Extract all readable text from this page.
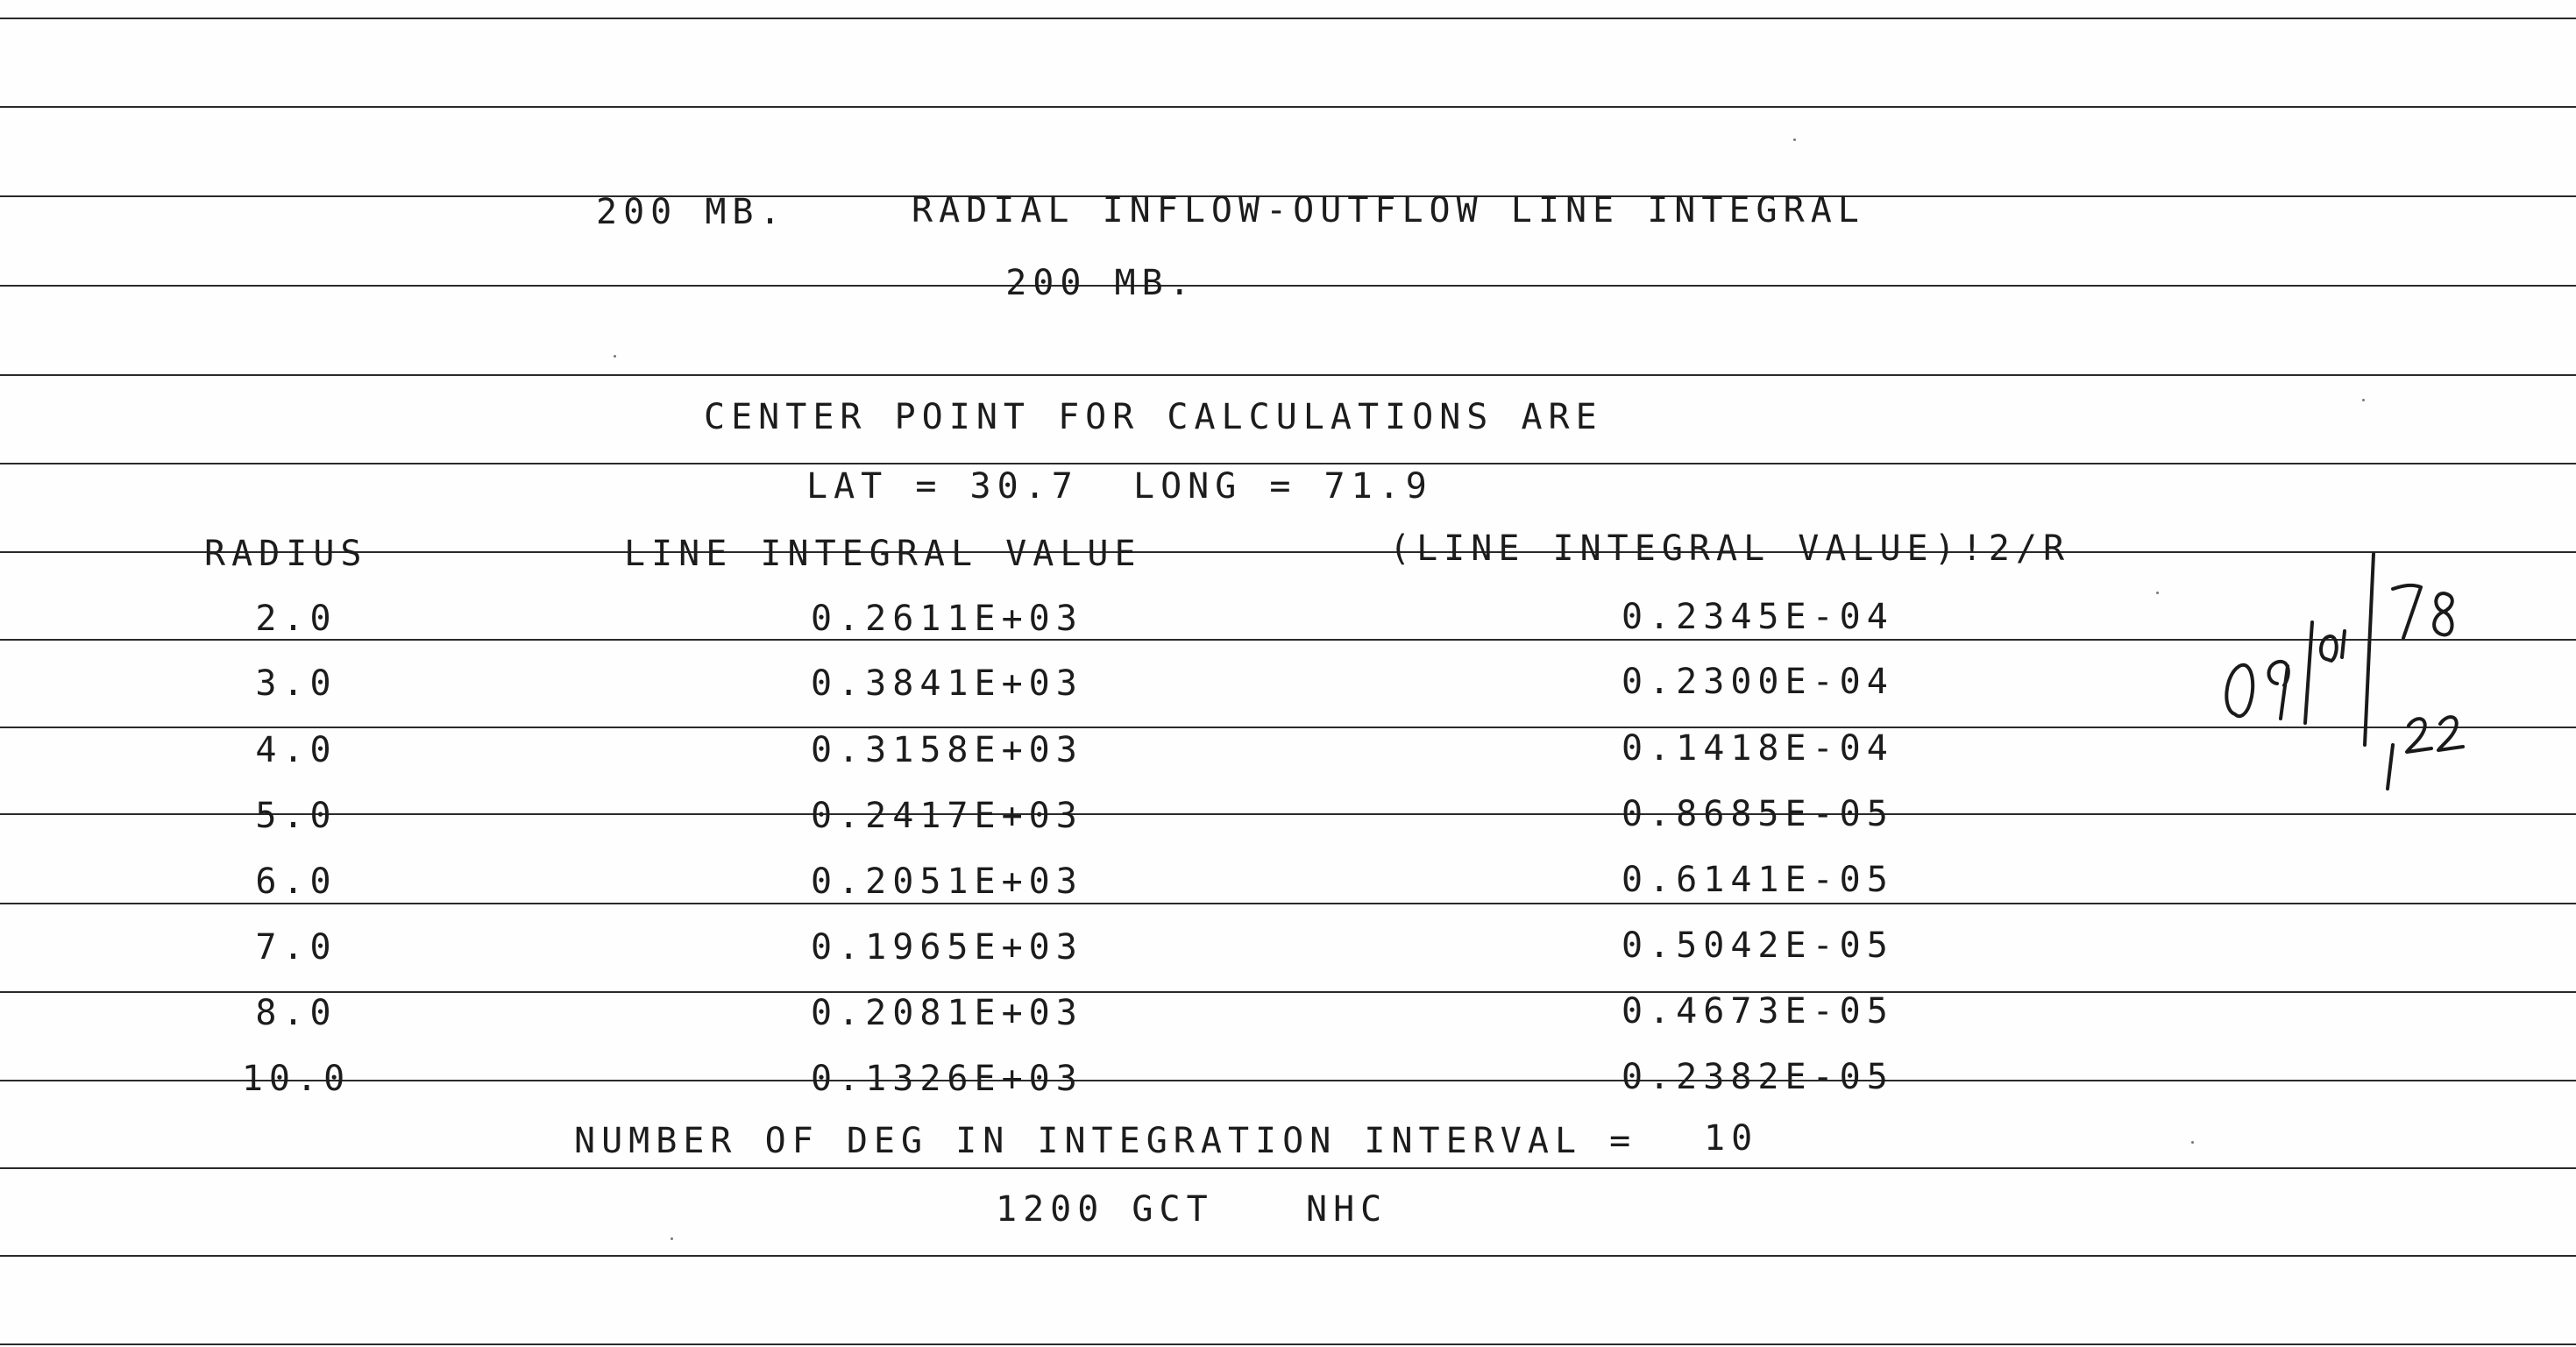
200 MB.	RADIAL INFLOW-OUTFLOW LINE INTEGRAL
200 MB.
CENTER POINT FOR CALCULATIONS ARE
LAT = 30.7  LONG = 71.9
RADIUS	LINE INTEGRAL VALUE	(LINE INTEGRAL VALUE)!2/R
2.0	0.2611E+03	0.2345E-04
3.0	0.3841E+03	0.2300E-04
4.0	0.3158E+03	0.1418E-04
5.0	0.2417E+03	0.8685E-05
6.0	0.2051E+03	0.6141E-05
7.0	0.1965E+03	0.5042E-05
8.0	0.2081E+03	0.4673E-05
10.0	0.1326E+03	0.2382E-05
NUMBER OF DEG IN INTEGRATION INTERVAL = 10
1200 GCT	NHC
